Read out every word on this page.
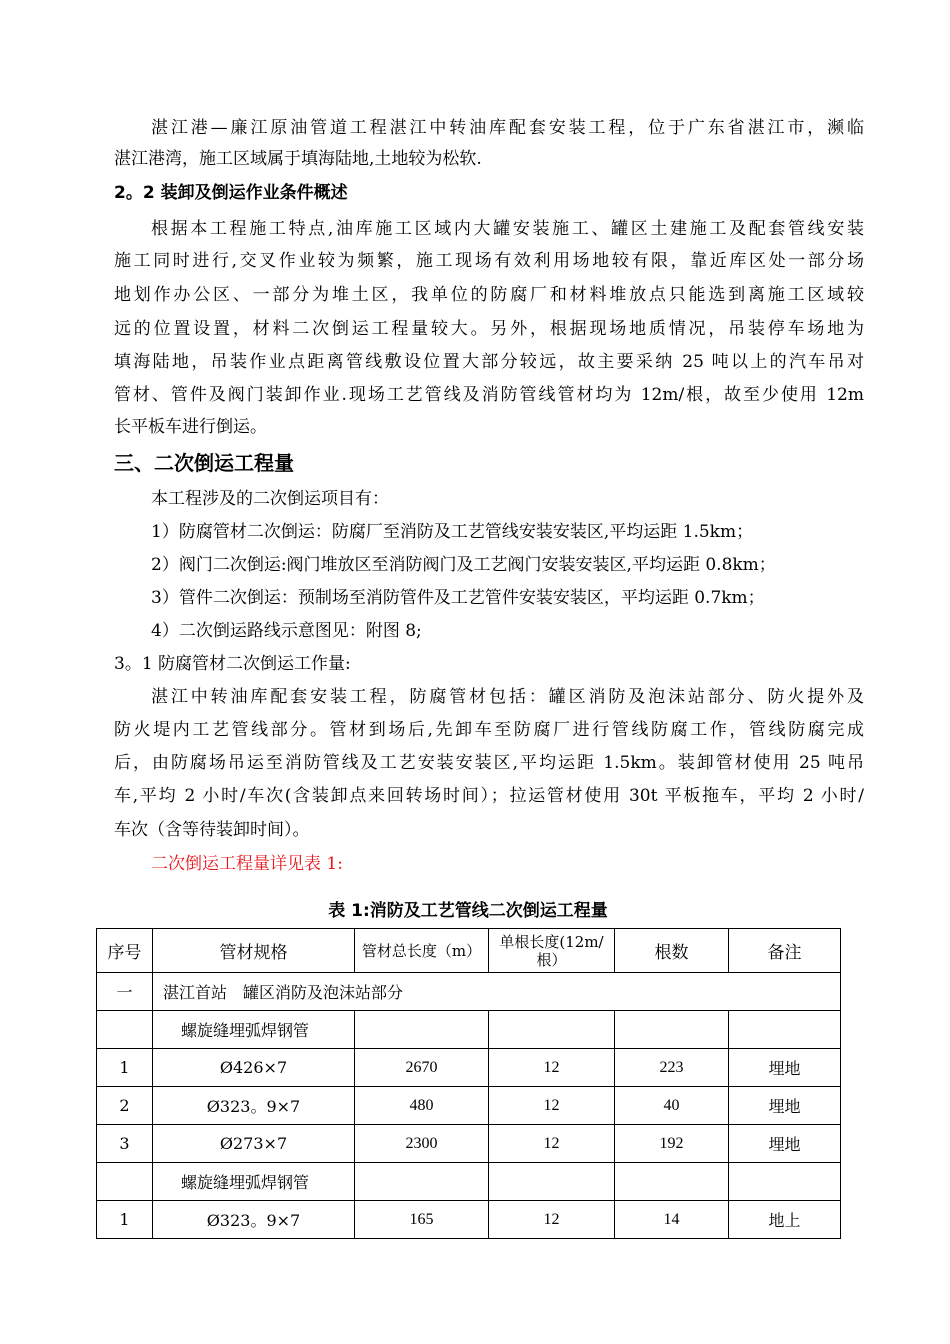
湛江港—廉江原油管道工程湛江中转油库配套安装工程，位于广东省湛江市，濒临
湛江港湾，施工区域属于填海陆地,土地较为松软.
2。2 装卸及倒运作业条件概述
根据本工程施工特点,油库施工区域内大罐安装施工、罐区土建施工及配套管线安装
施工同时进行,交叉作业较为频繁，施工现场有效利用场地较有限，靠近库区处一部分场
地划作办公区、一部分为堆土区，我单位的防腐厂和材料堆放点只能选到离施工区域较
远的位置设置，材料二次倒运工程量较大。另外，根据现场地质情况，吊装停车场地为
填海陆地，吊装作业点距离管线敷设位置大部分较远，故主要采纳 25 吨以上的汽车吊对
管材、管件及阀门装卸作业.现场工艺管线及消防管线管材均为 12m/根，故至少使用 12m
长平板车进行倒运。
三、二次倒运工程量
本工程涉及的二次倒运项目有：
1）防腐管材二次倒运：防腐厂至消防及工艺管线安装安装区,平均运距 1.5km；
2）阀门二次倒运:阀门堆放区至消防阀门及工艺阀门安装安装区,平均运距 0.8km；
3）管件二次倒运：预制场至消防管件及工艺管件安装安装区，平均运距 0.7km；
4）二次倒运路线示意图见：附图 8;
3。1 防腐管材二次倒运工作量:
湛江中转油库配套安装工程，防腐管材包括：罐区消防及泡沫站部分、防火提外及
防火堤内工艺管线部分。管材到场后,先卸车至防腐厂进行管线防腐工作，管线防腐完成
后，由防腐场吊运至消防管线及工艺安装安装区,平均运距 1.5km。装卸管材使用 25 吨吊
车,平均 2 小时/车次(含装卸点来回转场时间）；拉运管材使用 30t 平板拖车，平均 2 小时/
车次（含等待装卸时间）。
二次倒运工程量详见表 1:
表 1:消防及工艺管线二次倒运工程量
序号	管材规格	管材总长度（m）	单根长度(12m/根）	根数	备注
一	湛江首站　罐区消防及泡沫站部分				
	螺旋缝埋弧焊钢管				
1	Ø426×7	2670	12	223	埋地
2	Ø323。9×7	480	12	40	埋地
3	Ø273×7	2300	12	192	埋地
	螺旋缝埋弧焊钢管				
1	Ø323。9×7	165	12	14	地上
